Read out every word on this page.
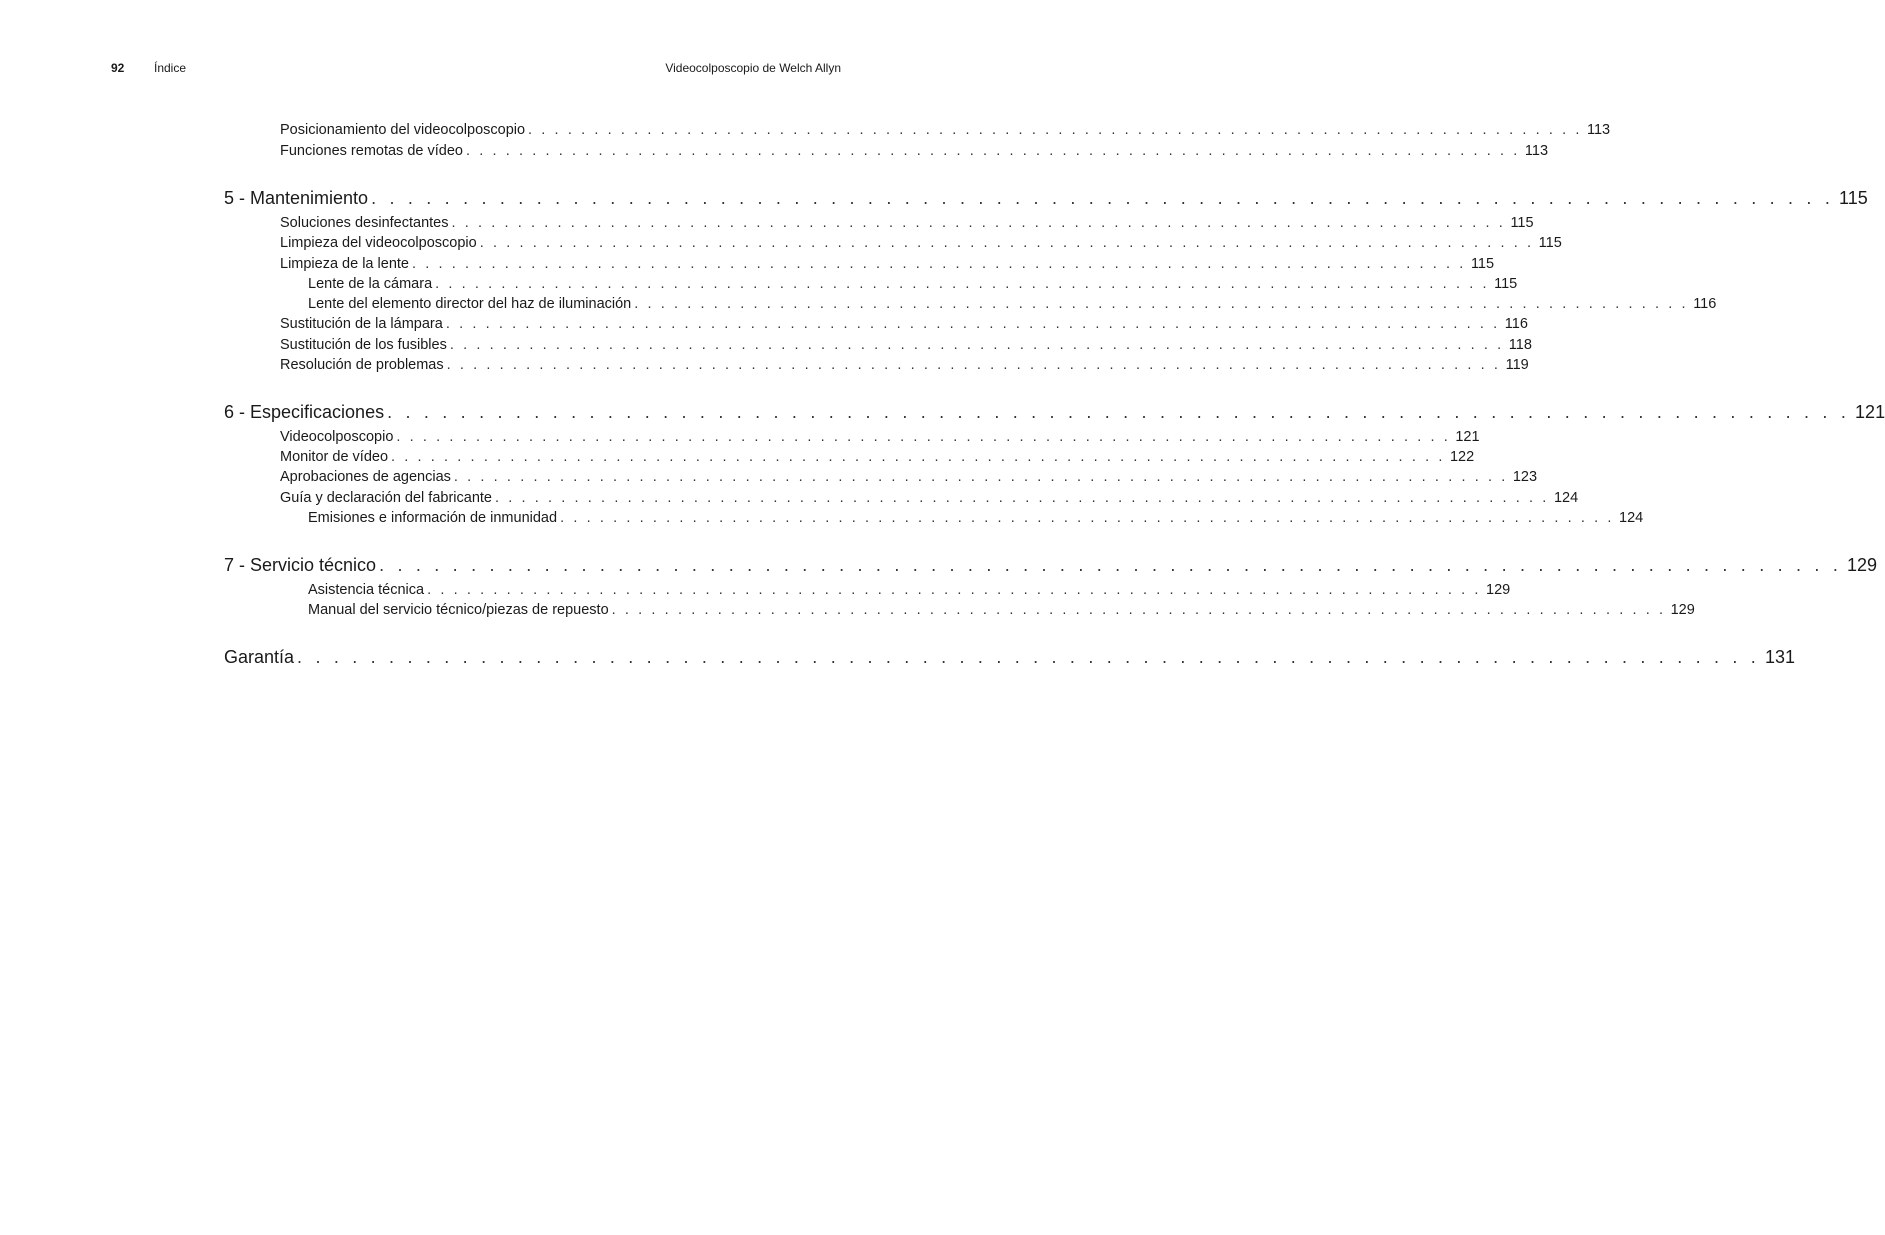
92 Índice	Videocolposcopio de Welch Allyn
Posicionamiento del videocolposcopio . . . . . . . . . . . . . . . . . . . . . . . . . . . . . . . . . . . . . . . . . . . . . . . . . . . . . . . . . . . . . . . . . . . . . . . . . . . . . . . . 113
Funciones remotas de vídeo . . . . . . . . . . . . . . . . . . . . . . . . . . . . . . . . . . . . . . . . . . . . . . . . . . . . . . . . . . . . . . . . . . . . . . . . . . . . . . . . 113
5 - Mantenimiento . . . . . . . . . . . . . . . . . . . . . . . . . . . . . . . . . . . . . . . . . . . . . . . . . . . . . . . . . . . . . . . . . . . . . . . . . . . . . . . . 115
Soluciones desinfectantes . . . . . . . . . . . . . . . . . . . . . . . . . . . . . . . . . . . . . . . . . . . . . . . . . . . . . . . . . . . . . . . . . . . . . . . . . . . . . . . . 115
Limpieza del videocolposcopio . . . . . . . . . . . . . . . . . . . . . . . . . . . . . . . . . . . . . . . . . . . . . . . . . . . . . . . . . . . . . . . . . . . . . . . . . . . . . . . . 115
Limpieza de la lente . . . . . . . . . . . . . . . . . . . . . . . . . . . . . . . . . . . . . . . . . . . . . . . . . . . . . . . . . . . . . . . . . . . . . . . . . . . . . . . . 115
Lente de la cámara . . . . . . . . . . . . . . . . . . . . . . . . . . . . . . . . . . . . . . . . . . . . . . . . . . . . . . . . . . . . . . . . . . . . . . . . . . . . . . . . 115
Lente del elemento director del haz de iluminación . . . . . . . . . . . . . . . . . . . . . . . . . . . . . . . . . . . . . . . . . . . . . . . . . . . . . . . . . . . . . . . . . . . . . . . . . . . . . . . . 116
Sustitución de la lámpara . . . . . . . . . . . . . . . . . . . . . . . . . . . . . . . . . . . . . . . . . . . . . . . . . . . . . . . . . . . . . . . . . . . . . . . . . . . . . . . . 116
Sustitución de los fusibles . . . . . . . . . . . . . . . . . . . . . . . . . . . . . . . . . . . . . . . . . . . . . . . . . . . . . . . . . . . . . . . . . . . . . . . . . . . . . . . . 118
Resolución de problemas . . . . . . . . . . . . . . . . . . . . . . . . . . . . . . . . . . . . . . . . . . . . . . . . . . . . . . . . . . . . . . . . . . . . . . . . . . . . . . . . 119
6 - Especificaciones . . . . . . . . . . . . . . . . . . . . . . . . . . . . . . . . . . . . . . . . . . . . . . . . . . . . . . . . . . . . . . . . . . . . . . . . . . . . . . . . 121
Videocolposcopio . . . . . . . . . . . . . . . . . . . . . . . . . . . . . . . . . . . . . . . . . . . . . . . . . . . . . . . . . . . . . . . . . . . . . . . . . . . . . . . . 121
Monitor de vídeo . . . . . . . . . . . . . . . . . . . . . . . . . . . . . . . . . . . . . . . . . . . . . . . . . . . . . . . . . . . . . . . . . . . . . . . . . . . . . . . . 122
Aprobaciones de agencias . . . . . . . . . . . . . . . . . . . . . . . . . . . . . . . . . . . . . . . . . . . . . . . . . . . . . . . . . . . . . . . . . . . . . . . . . . . . . . . . 123
Guía y declaración del fabricante . . . . . . . . . . . . . . . . . . . . . . . . . . . . . . . . . . . . . . . . . . . . . . . . . . . . . . . . . . . . . . . . . . . . . . . . . . . . . . . . 124
Emisiones e información de inmunidad . . . . . . . . . . . . . . . . . . . . . . . . . . . . . . . . . . . . . . . . . . . . . . . . . . . . . . . . . . . . . . . . . . . . . . . . . . . . . . . . 124
7 - Servicio técnico . . . . . . . . . . . . . . . . . . . . . . . . . . . . . . . . . . . . . . . . . . . . . . . . . . . . . . . . . . . . . . . . . . . . . . . . . . . . . . . . 129
Asistencia técnica . . . . . . . . . . . . . . . . . . . . . . . . . . . . . . . . . . . . . . . . . . . . . . . . . . . . . . . . . . . . . . . . . . . . . . . . . . . . . . . . 129
Manual del servicio técnico/piezas de repuesto . . . . . . . . . . . . . . . . . . . . . . . . . . . . . . . . . . . . . . . . . . . . . . . . . . . . . . . . . . . . . . . . . . . . . . . . . . . . . . . . 129
Garantía . . . . . . . . . . . . . . . . . . . . . . . . . . . . . . . . . . . . . . . . . . . . . . . . . . . . . . . . . . . . . . . . . . . . . . . . . . . . . . . . 131
